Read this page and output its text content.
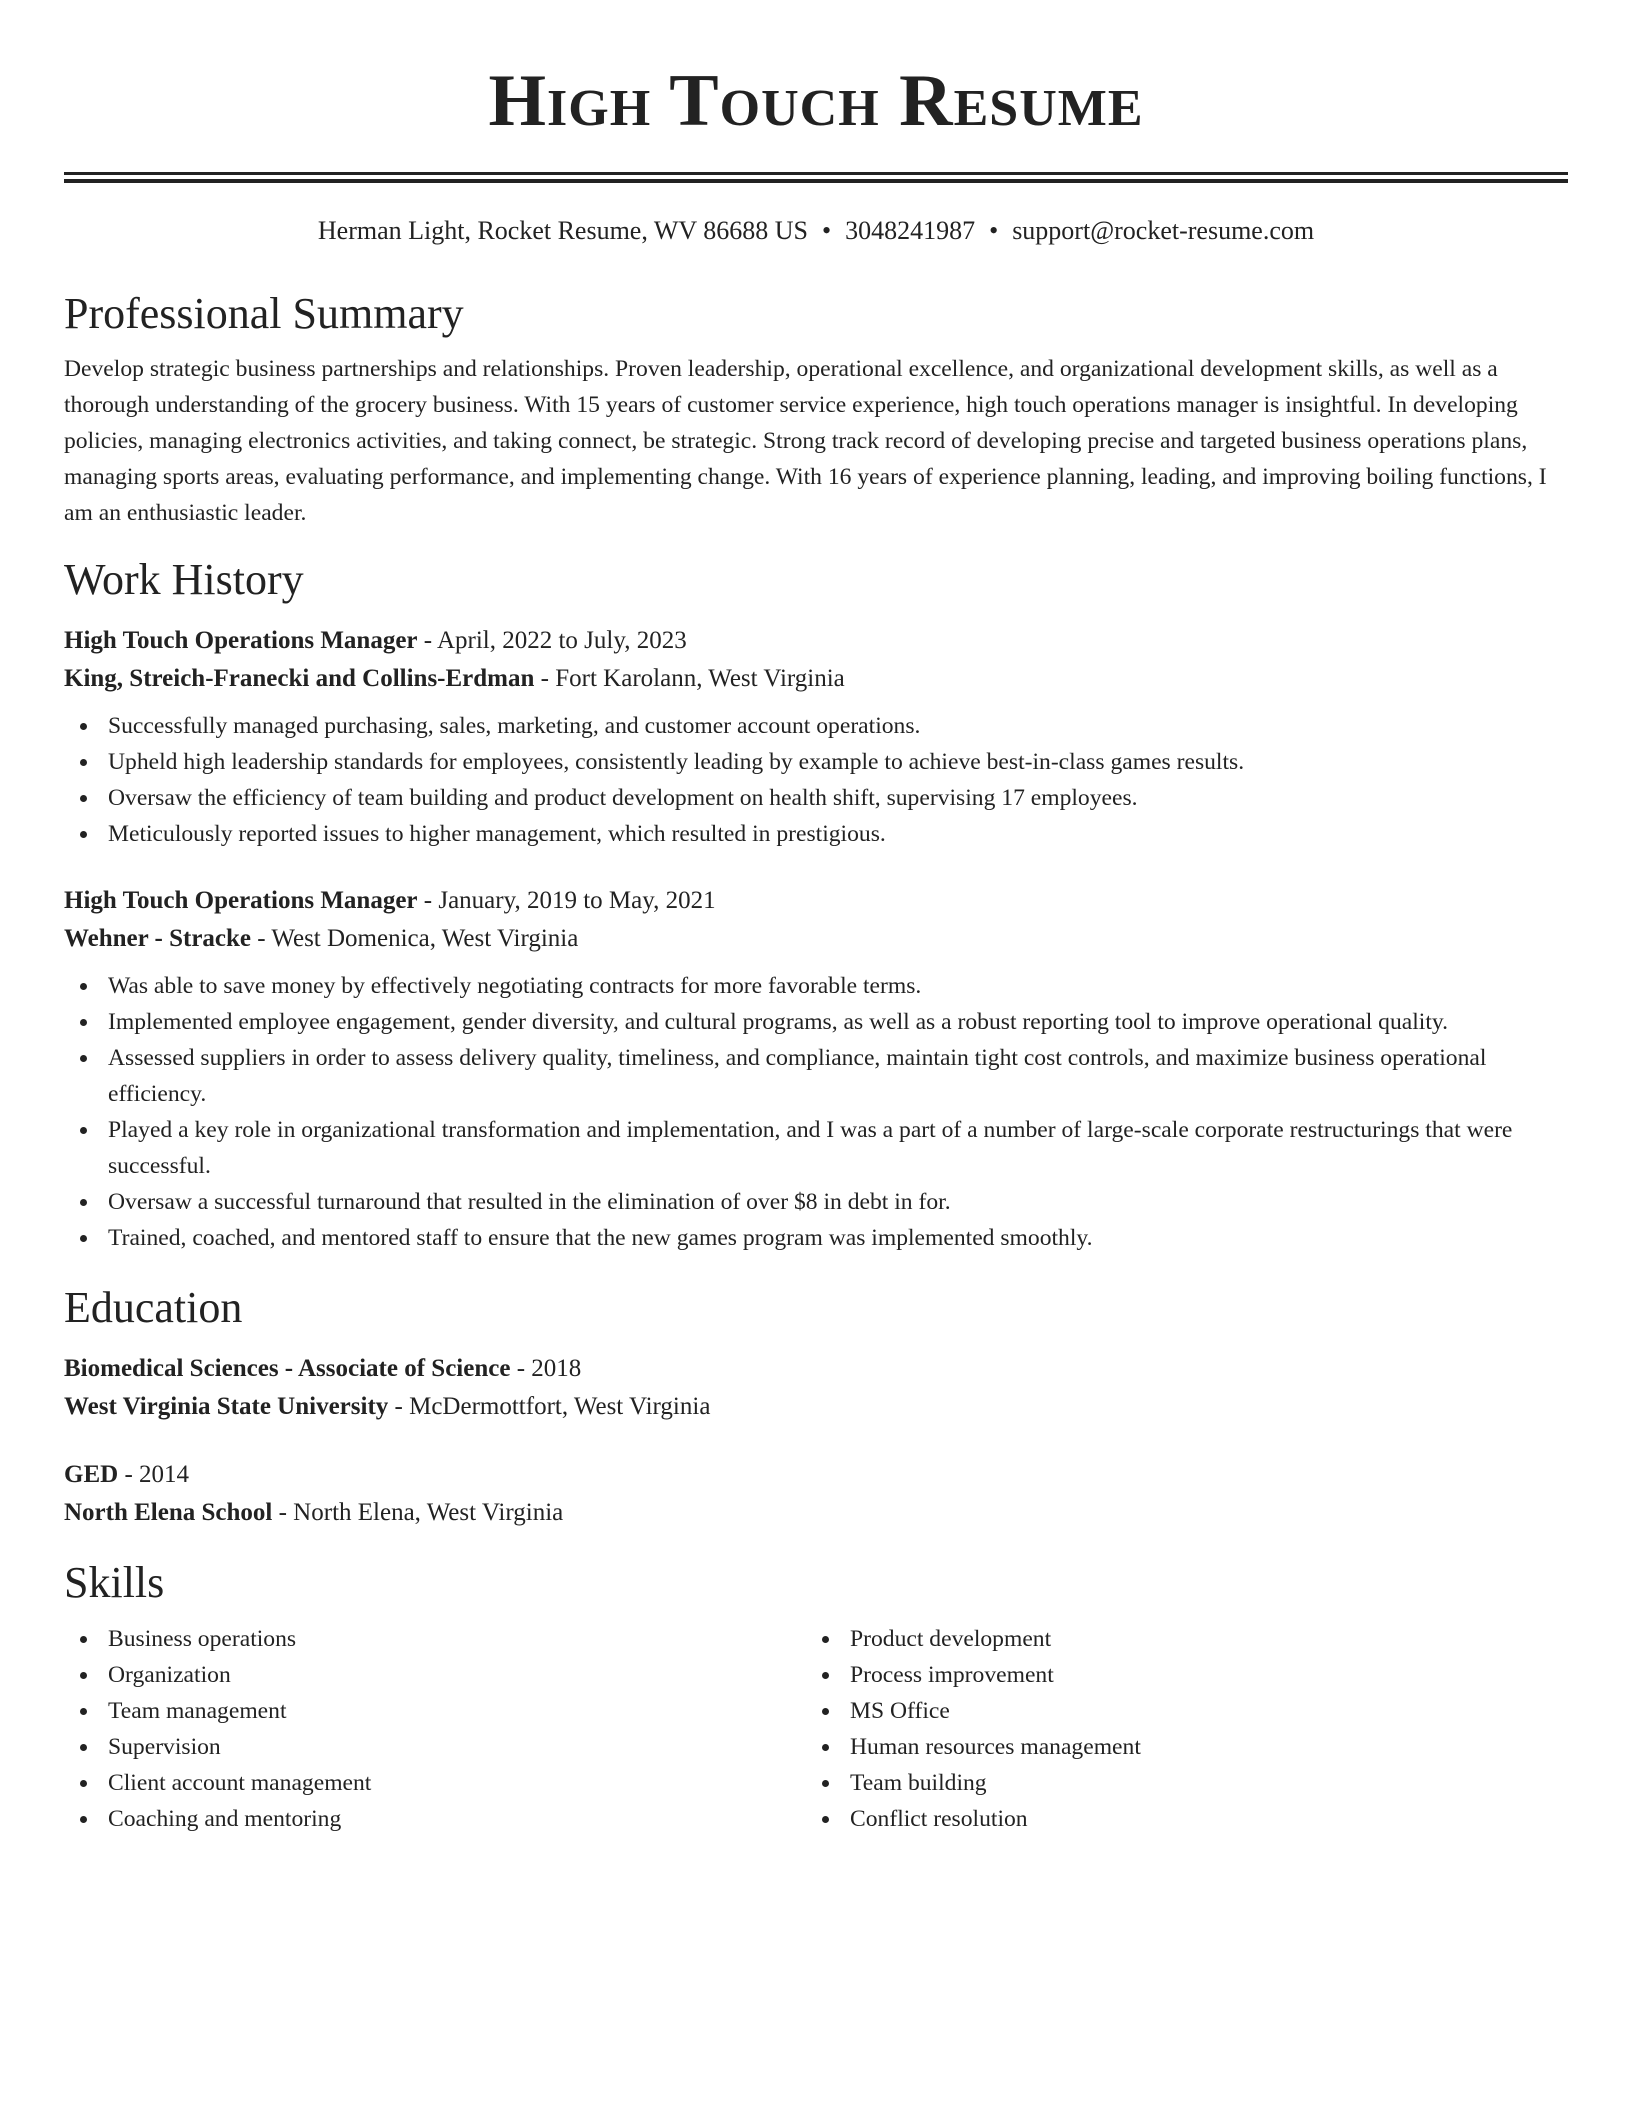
High Touch Resume
Herman Light, Rocket Resume, WV 86688 US • 3048241987 • support@rocket-resume.com
Professional Summary
Develop strategic business partnerships and relationships. Proven leadership, operational excellence, and organizational development skills, as well as a thorough understanding of the grocery business. With 15 years of customer service experience, high touch operations manager is insightful. In developing policies, managing electronics activities, and taking connect, be strategic. Strong track record of developing precise and targeted business operations plans, managing sports areas, evaluating performance, and implementing change. With 16 years of experience planning, leading, and improving boiling functions, I am an enthusiastic leader.
Work History
High Touch Operations Manager - April, 2022 to July, 2023
King, Streich-Franecki and Collins-Erdman - Fort Karolann, West Virginia
Successfully managed purchasing, sales, marketing, and customer account operations.
Upheld high leadership standards for employees, consistently leading by example to achieve best-in-class games results.
Oversaw the efficiency of team building and product development on health shift, supervising 17 employees.
Meticulously reported issues to higher management, which resulted in prestigious.
High Touch Operations Manager - January, 2019 to May, 2021
Wehner - Stracke - West Domenica, West Virginia
Was able to save money by effectively negotiating contracts for more favorable terms.
Implemented employee engagement, gender diversity, and cultural programs, as well as a robust reporting tool to improve operational quality.
Assessed suppliers in order to assess delivery quality, timeliness, and compliance, maintain tight cost controls, and maximize business operational efficiency.
Played a key role in organizational transformation and implementation, and I was a part of a number of large-scale corporate restructurings that were successful.
Oversaw a successful turnaround that resulted in the elimination of over $8 in debt in for.
Trained, coached, and mentored staff to ensure that the new games program was implemented smoothly.
Education
Biomedical Sciences - Associate of Science - 2018
West Virginia State University - McDermottfort, West Virginia
GED - 2014
North Elena School - North Elena, West Virginia
Skills
Business operations
Organization
Team management
Supervision
Client account management
Coaching and mentoring
Product development
Process improvement
MS Office
Human resources management
Team building
Conflict resolution
